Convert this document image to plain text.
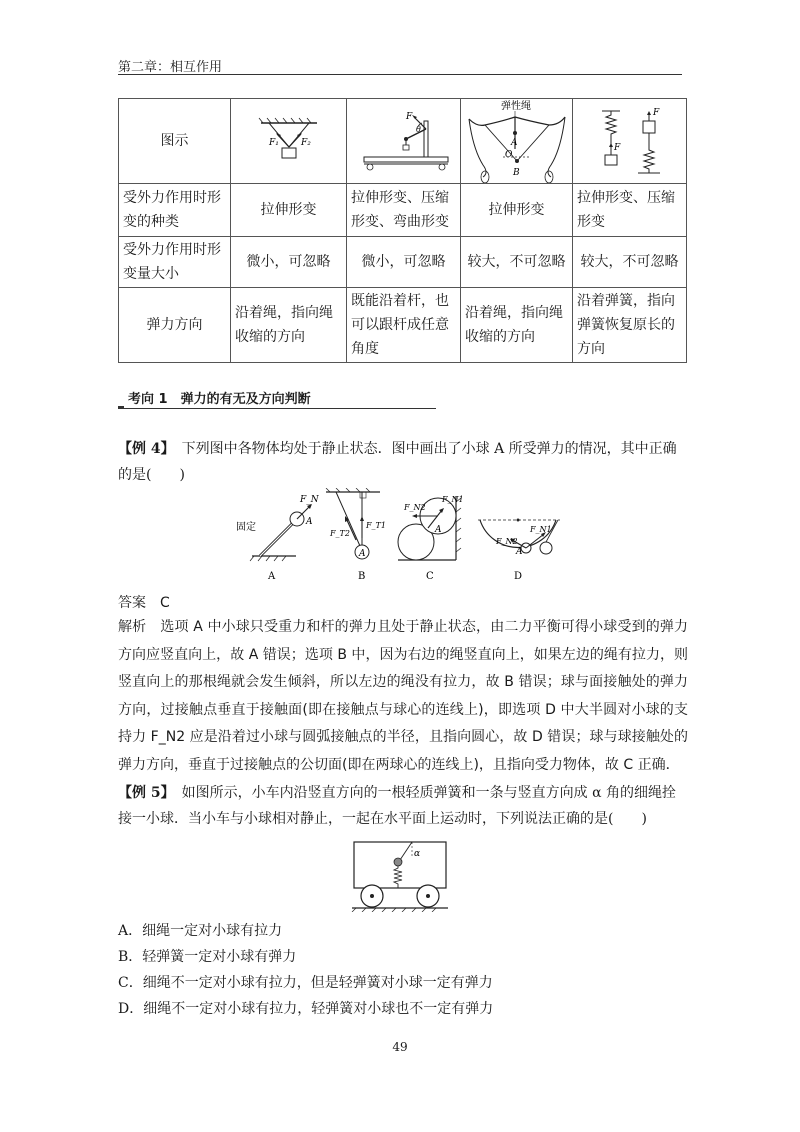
第二章：相互作用
图示	F₁ F₂	F
θ	弹性绳
A
O
B	F
F

受外力作用时形变的种类	拉伸形变	拉伸形变、压缩形变、弯曲形变	拉伸形变	拉伸形变、压缩形变
受外力作用时形变量大小	微小，可忽略	微小，可忽略	较大，不可忽略	较大，不可忽略
弹力方向	沿着绳，指向绳收缩的方向	既能沿着杆，也可以跟杆成任意角度	沿着绳，指向绳收缩的方向	沿着弹簧，指向弹簧恢复原长的方向
考向 1　弹力的有无及方向判断
【例 4】　下列图中各物体均处于静止状态．图中画出了小球 A 所受弹力的情况，其中正确的是(　　)
F_N
A
固定
A
A
F_T1
F_T2
B
F_N1
F_N2
A
C
F_N1
F_N2
A
D
答案　C
解析　选项 A 中小球只受重力和杆的弹力且处于静止状态，由二力平衡可得小球受到的弹力方向应竖直向上，故 A 错误；选项 B 中，因为右边的绳竖直向上，如果左边的绳有拉力，则竖直向上的那根绳就会发生倾斜，所以左边的绳没有拉力，故 B 错误；球与面接触处的弹力方向，过接触点垂直于接触面(即在接触点与球心的连线上)，即选项 D 中大半圆对小球的支持力 F_N2 应是沿着过小球与圆弧接触点的半径，且指向圆心，故 D 错误；球与球接触处的弹力方向，垂直于过接触点的公切面(即在两球心的连线上)，且指向受力物体，故 C 正确．
【例 5】　如图所示，小车内沿竖直方向的一根轻质弹簧和一条与竖直方向成 α 角的细绳拴接一小球．当小车与小球相对静止，一起在水平面上运动时，下列说法正确的是(　　)
α
A．细绳一定对小球有拉力
B．轻弹簧一定对小球有弹力
C．细绳不一定对小球有拉力，但是轻弹簧对小球一定有弹力
D．细绳不一定对小球有拉力，轻弹簧对小球也不一定有弹力
49
